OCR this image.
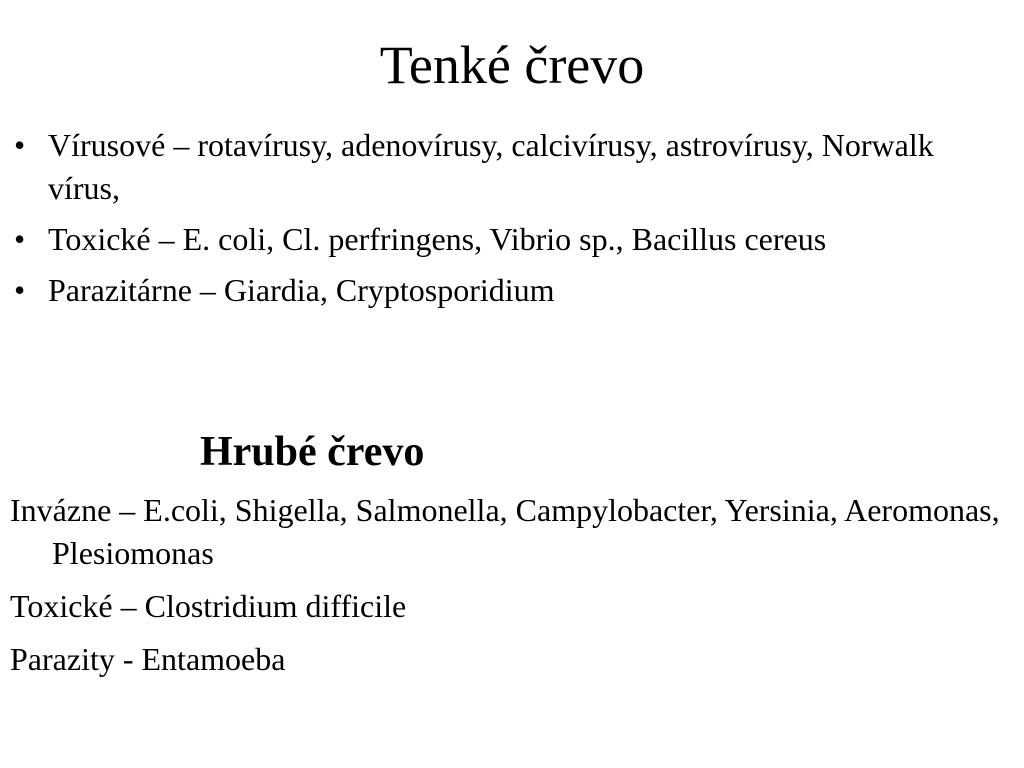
Tenké črevo
• Vírusové – rotavírusy, adenovírusy, calcivírusy, astrovírusy, Norwalk vírus,
• Toxické – E. coli, Cl. perfringens, Vibrio sp., Bacillus cereus
• Parazitárne – Giardia, Cryptosporidium
Hrubé črevo

Invázne – E.coli, Shigella, Salmonella, Campylobacter, Yersinia, Aeromonas, Plesiomonas

Toxické – Clostridium difficile

Parazity - Entamoeba
